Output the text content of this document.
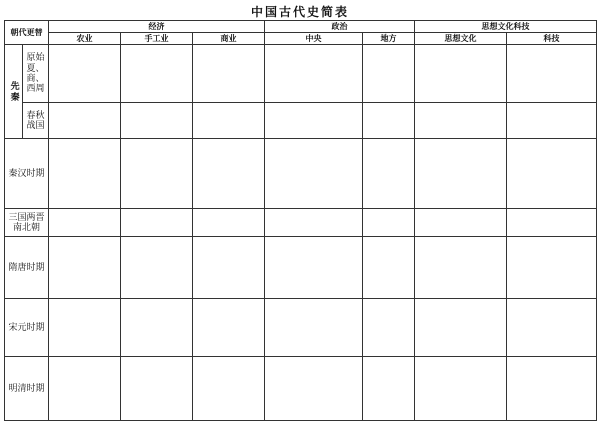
中国古代史简表
朝代更替		经济			政治		思想文化科技	
		农业	手工业	商业	中央	地方	思想文化	科技
先秦	原始 夏、商、西周							
	春秋战国							
秦汉时期								
三国两晋南北朝								
隋唐时期								
宋元时期								
明清时期								
